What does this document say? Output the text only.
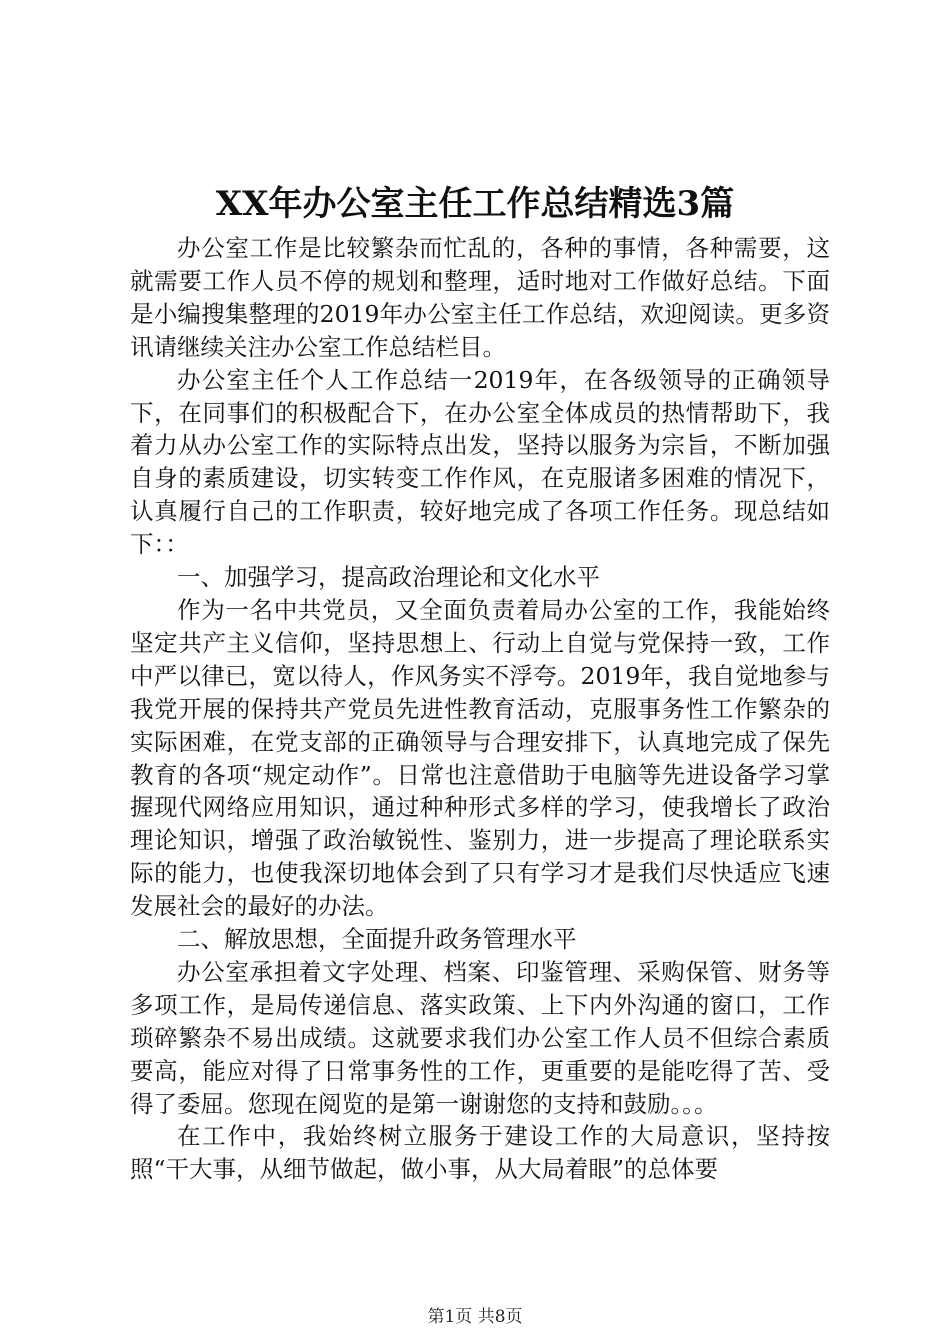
XX年办公室主任工作总结精选3篇

办公室工作是比较繁杂而忙乱的，各种的事情，各种需要，这就需要工作人员不停的规划和整理，适时地对工作做好总结。下面是小编搜集整理的2019年办公室主任工作总结，欢迎阅读。更多资讯请继续关注办公室工作总结栏目。

办公室主任个人工作总结一2019年，在各级领导的正确领导下，在同事们的积极配合下，在办公室全体成员的热情帮助下，我着力从办公室工作的实际特点出发，坚持以服务为宗旨，不断加强自身的素质建设，切实转变工作作风，在克服诸多困难的情况下，认真履行自己的工作职责，较好地完成了各项工作任务。现总结如下：：

一、加强学习，提高政治理论和文化水平

作为一名中共党员，又全面负责着局办公室的工作，我能始终坚定共产主义信仰，坚持思想上、行动上自觉与党保持一致，工作中严以律已，宽以待人，作风务实不浮夸。2019年，我自觉地参与我党开展的保持共产党员先进性教育活动，克服事务性工作繁杂的实际困难，在党支部的正确领导与合理安排下，认真地完成了保先教育的各项“规定动作”。日常也注意借助于电脑等先进设备学习掌握现代网络应用知识，通过种种形式多样的学习，使我增长了政治理论知识，增强了政治敏锐性、鉴别力，进一步提高了理论联系实际的能力，也使我深切地体会到了只有学习才是我们尽快适应飞速发展社会的最好的办法。

二、解放思想，全面提升政务管理水平

办公室承担着文字处理、档案、印鉴管理、采购保管、财务等多项工作，是局传递信息、落实政策、上下内外沟通的窗口，工作琐碎繁杂不易出成绩。这就要求我们办公室工作人员不但综合素质要高，能应对得了日常事务性的工作，更重要的是能吃得了苦、受得了委屈。您现在阅览的是第一谢谢您的支持和鼓励。。。

在工作中，我始终树立服务于建设工作的大局意识，坚持按照“干大事，从细节做起，做小事，从大局着眼”的总体要

第1页 共8页
